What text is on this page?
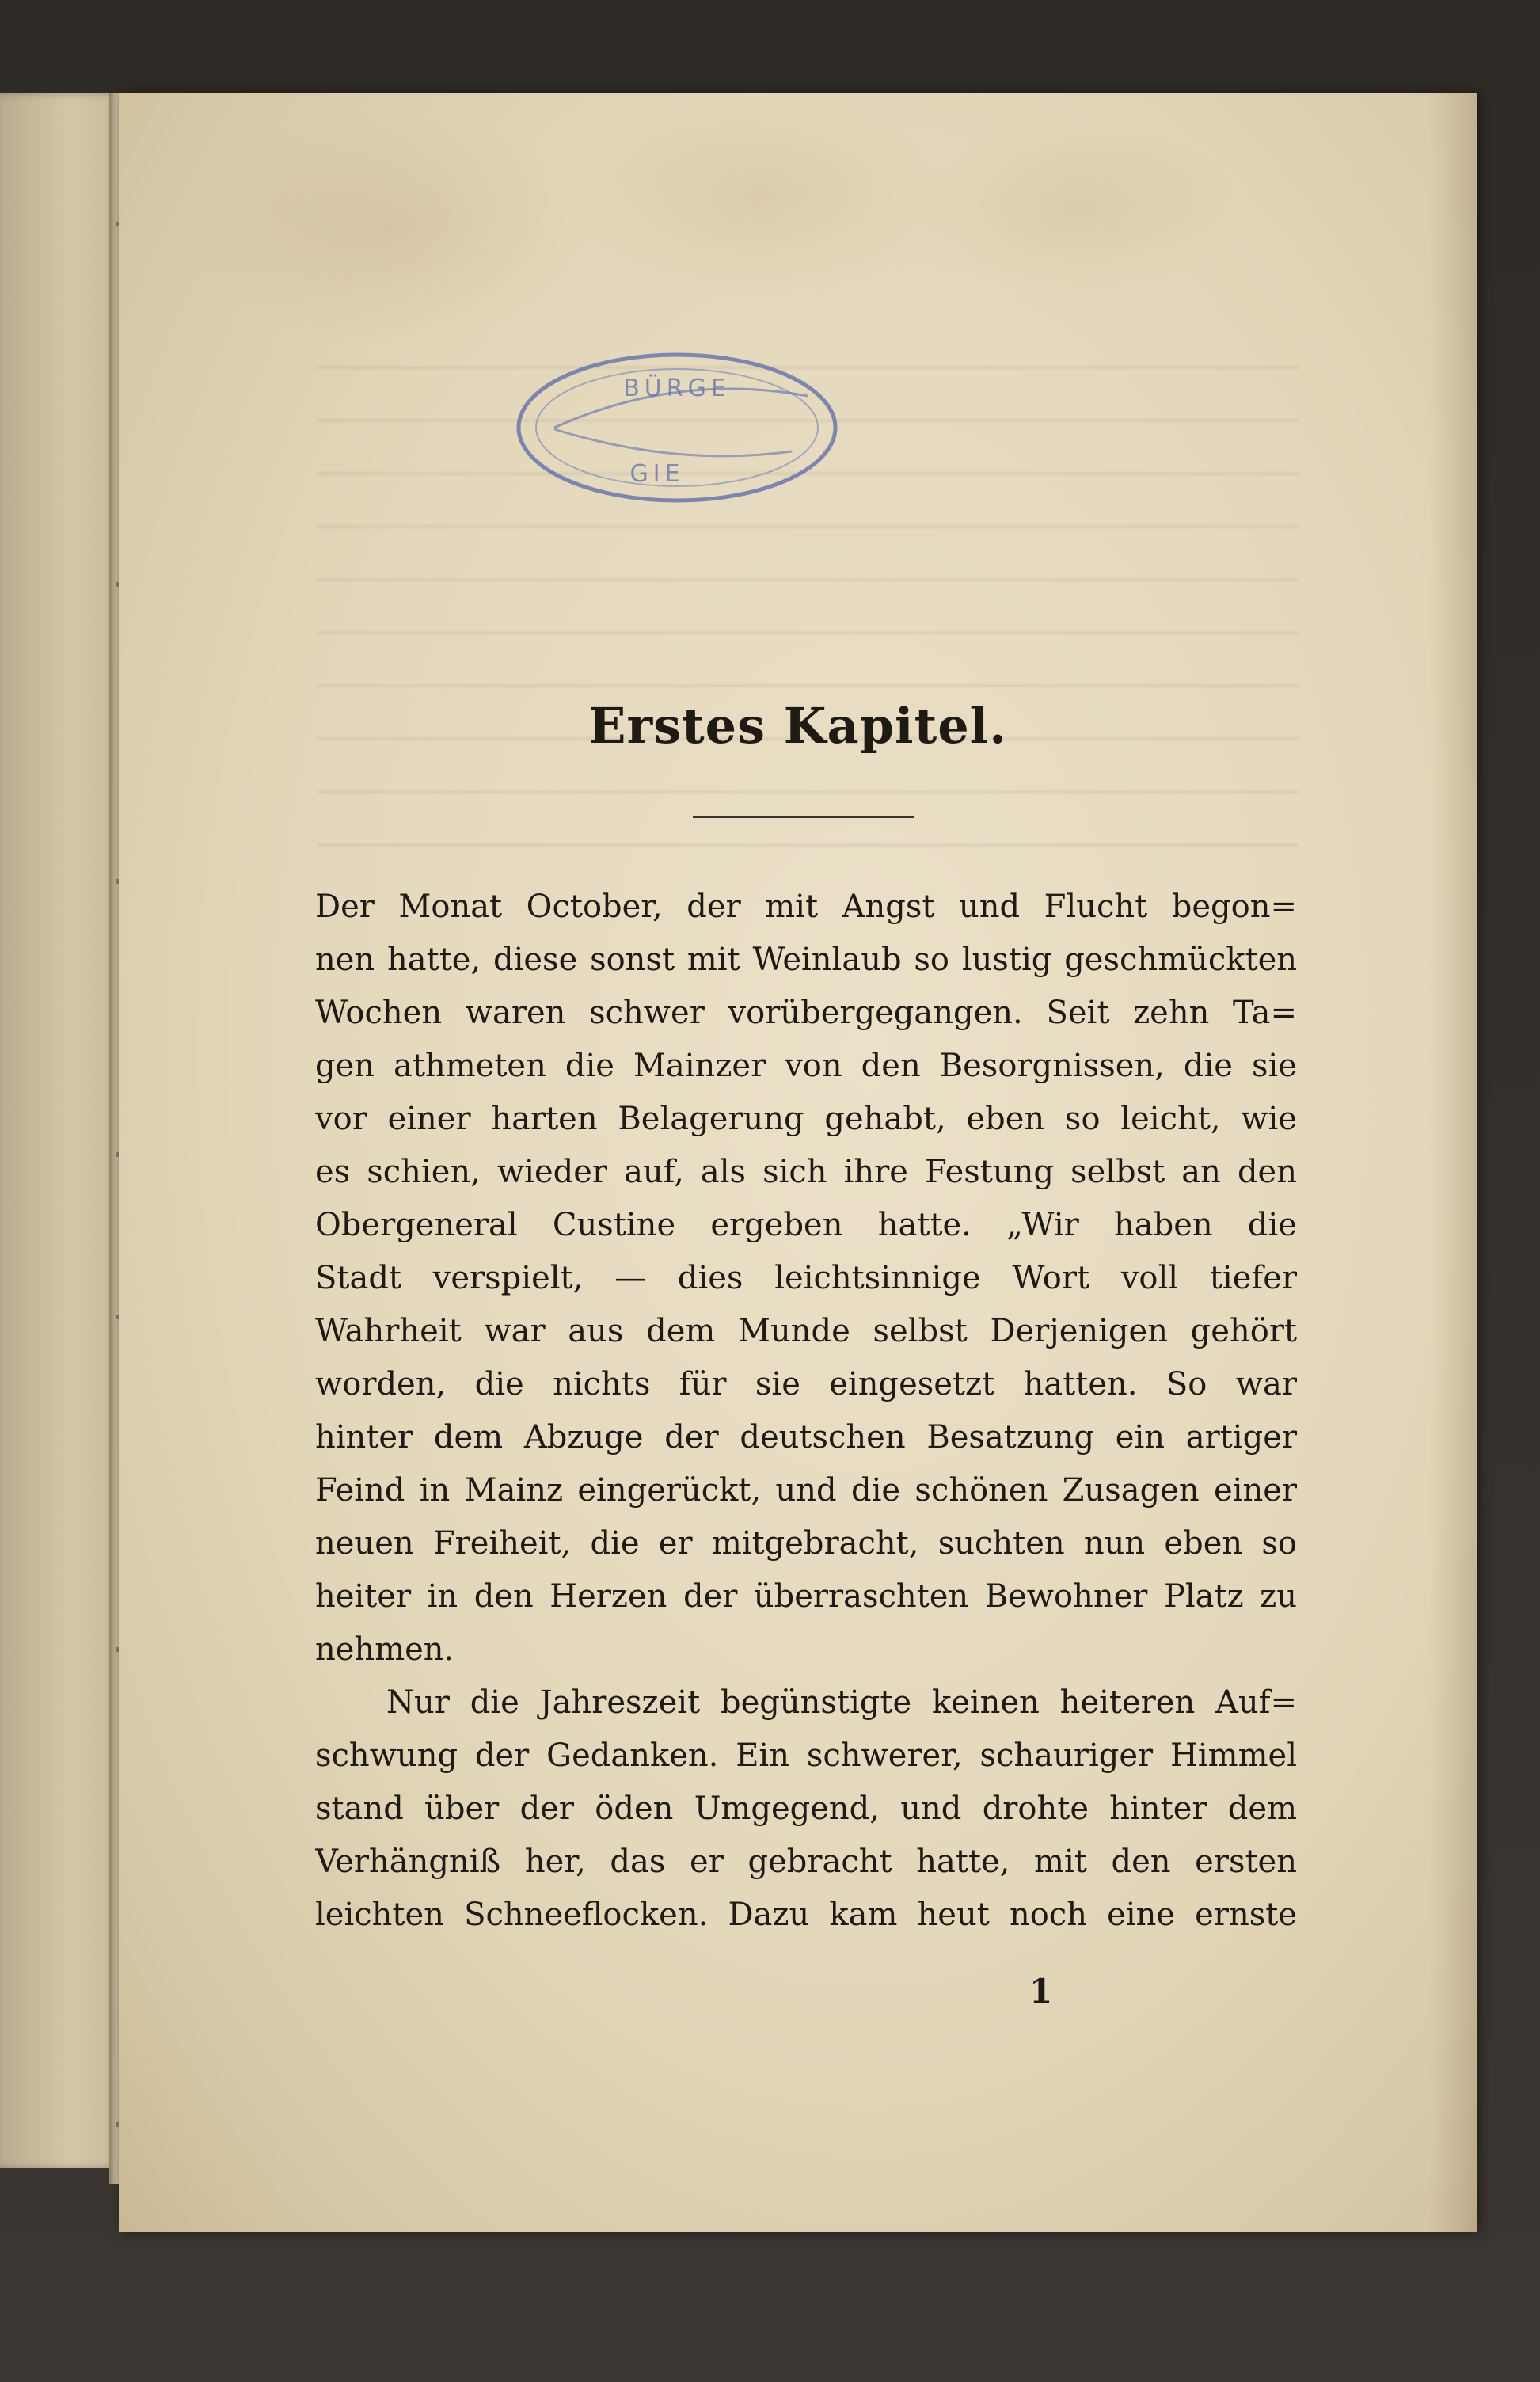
BÜRGE
GIE
Erstes Kapitel.
Der Monat October, der mit Angst und Flucht begon=
nen hatte, diese sonst mit Weinlaub so lustig geschmückten
Wochen waren schwer vorübergegangen. Seit zehn Ta=
gen athmeten die Mainzer von den Besorgnissen, die sie
vor einer harten Belagerung gehabt, eben so leicht, wie
es schien, wieder auf, als sich ihre Festung selbst an den
Obergeneral Custine ergeben hatte. „Wir haben die
Stadt verspielt, — dies leichtsinnige Wort voll tiefer
Wahrheit war aus dem Munde selbst Derjenigen gehört
worden, die nichts für sie eingesetzt hatten. So war
hinter dem Abzuge der deutschen Besatzung ein artiger
Feind in Mainz eingerückt, und die schönen Zusagen einer
neuen Freiheit, die er mitgebracht, suchten nun eben so
heiter in den Herzen der überraschten Bewohner Platz zu
nehmen.
Nur die Jahreszeit begünstigte keinen heiteren Auf=
schwung der Gedanken. Ein schwerer, schauriger Himmel
stand über der öden Umgegend, und drohte hinter dem
Verhängniß her, das er gebracht hatte, mit den ersten
leichten Schneeflocken. Dazu kam heut noch eine ernste
1
